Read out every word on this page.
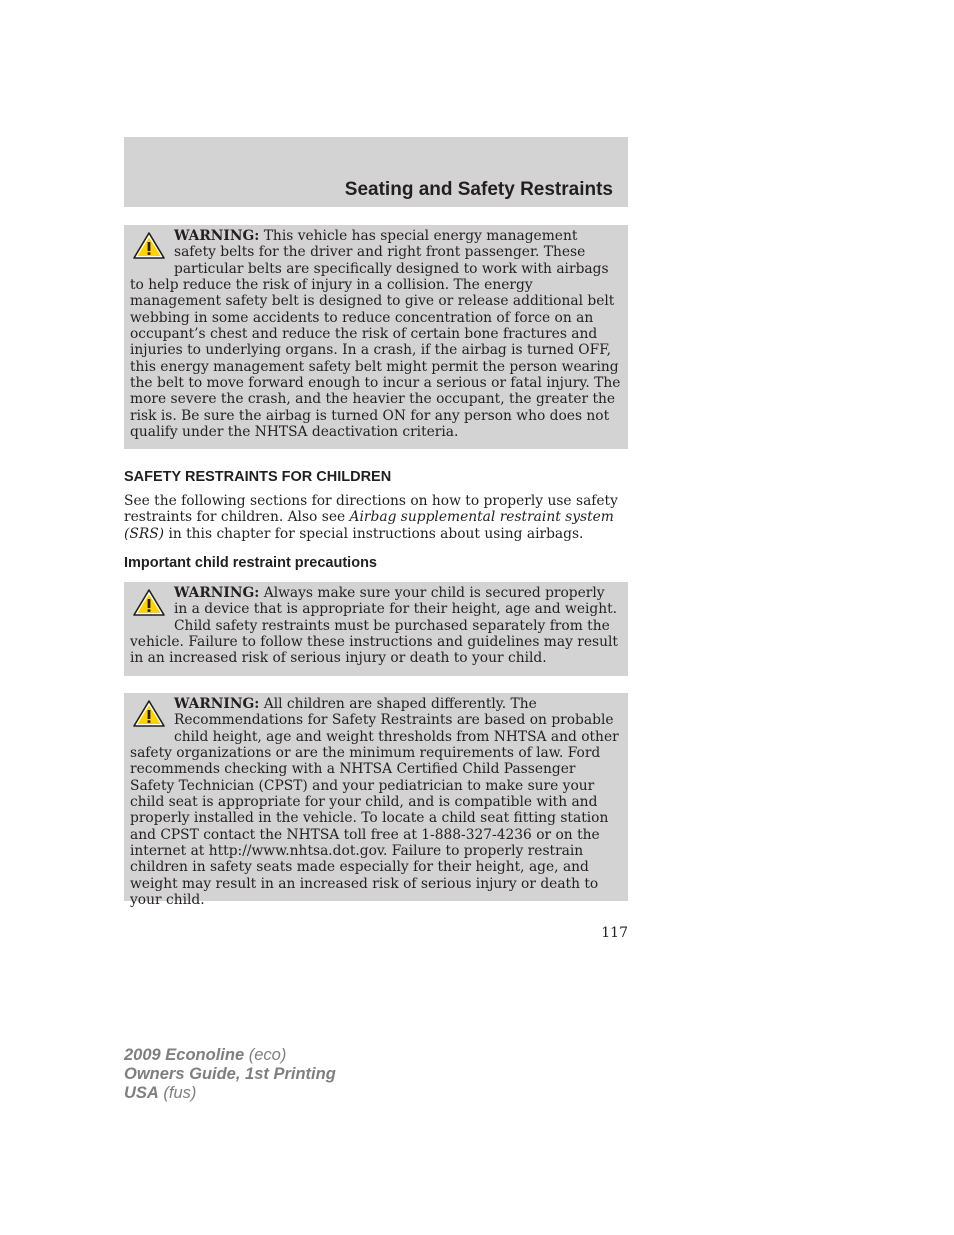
Seating and Safety Restraints

WARNING: This vehicle has special energy management safety belts for the driver and right front passenger. These particular belts are specifically designed to work with airbags to help reduce the risk of injury in a collision. The energy management safety belt is designed to give or release additional belt webbing in some accidents to reduce concentration of force on an occupant’s chest and reduce the risk of certain bone fractures and injuries to underlying organs. In a crash, if the airbag is turned OFF, this energy management safety belt might permit the person wearing the belt to move forward enough to incur a serious or fatal injury. The more severe the crash, and the heavier the occupant, the greater the risk is. Be sure the airbag is turned ON for any person who does not qualify under the NHTSA deactivation criteria.

SAFETY RESTRAINTS FOR CHILDREN

See the following sections for directions on how to properly use safety restraints for children. Also see Airbag supplemental restraint system (SRS) in this chapter for special instructions about using airbags.

Important child restraint precautions

WARNING: Always make sure your child is secured properly in a device that is appropriate for their height, age and weight. Child safety restraints must be purchased separately from the vehicle. Failure to follow these instructions and guidelines may result in an increased risk of serious injury or death to your child.

WARNING: All children are shaped differently. The Recommendations for Safety Restraints are based on probable child height, age and weight thresholds from NHTSA and other safety organizations or are the minimum requirements of law. Ford recommends checking with a NHTSA Certified Child Passenger Safety Technician (CPST) and your pediatrician to make sure your child seat is appropriate for your child, and is compatible with and properly installed in the vehicle. To locate a child seat fitting station and CPST contact the NHTSA toll free at 1-888-327-4236 or on the internet at http://www.nhtsa.dot.gov. Failure to properly restrain children in safety seats made especially for their height, age, and weight may result in an increased risk of serious injury or death to your child.

117
2009 Econoline (eco)
Owners Guide, 1st Printing
USA (fus)
